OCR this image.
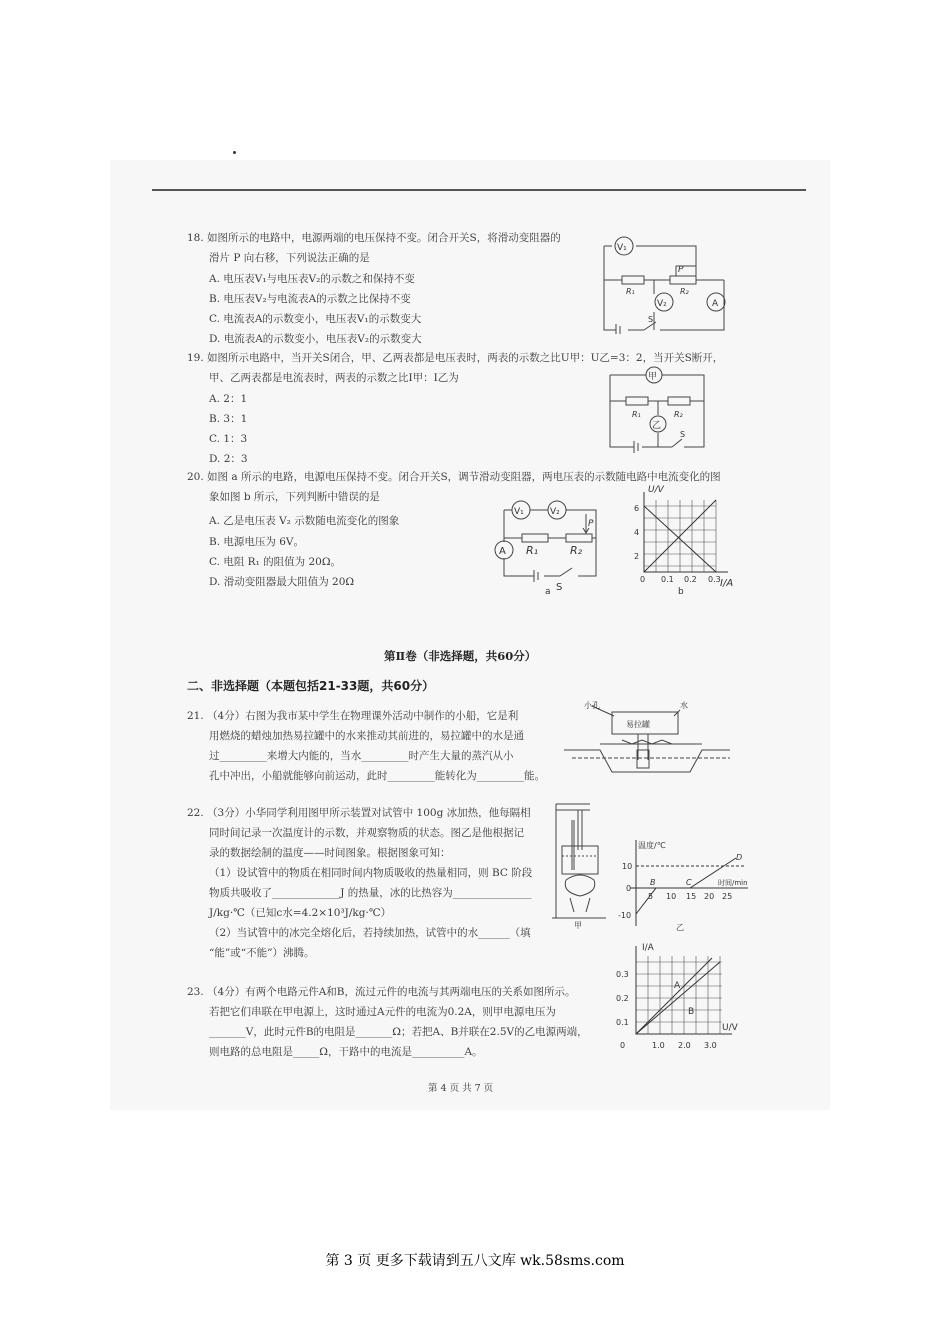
18. 如图所示的电路中，电源两端的电压保持不变。闭合开关S，将滑动变阻器的
滑片 P 向右移，下列说法正确的是
A. 电压表V₁与电压表V₂的示数之和保持不变
B. 电压表V₂与电流表A的示数之比保持不变
C. 电流表A的示数变小，电压表V₁的示数变大
D. 电流表A的示数变小，电压表V₂的示数变大
V₁
V₂	A
P
R₁	R₂
S
19. 如图所示电路中，当开关S闭合，甲、乙两表都是电压表时，两表的示数之比U甲：U乙=3：2，当开关S断开，
甲、乙两表都是电流表时，两表的示数之比I甲：I乙为
A. 2：1
B. 3：1
C. 1：3
D. 2：3
甲
乙
R₁	R₂
S
20. 如图 a 所示的电路，电源电压保持不变。闭合开关S，调节滑动变阻器，两电压表的示数随电路中电流变化的图
象如图 b 所示，下列判断中错误的是
A. 乙是电压表 V₂ 示数随电流变化的图象
B. 电源电压为 6V。
C. 电阻 R₁ 的阻值为 20Ω。
D. 滑动变阻器最大阻值为 20Ω
V₁	V₂
A
P
R₁	R₂
S
a
U/V
I/A
6
4
2
0 0.1 0.2 0.3
b
第Ⅱ卷（非选择题，共60分）
二、非选择题（本题包括21-33题，共60分）
21. （4分）右图为我市某中学生在物理课外活动中制作的小船，它是利
用燃烧的蜡烛加热易拉罐中的水来推动其前进的，易拉罐中的水是通
过_________来增大内能的，当水_________时产生大量的蒸汽从小
孔中冲出，小船就能够向前运动，此时_________能转化为_________能。
小孔
易拉罐
水
22. （3分）小华同学利用图甲所示装置对试管中 100g 冰加热，他每隔相
同时间记录一次温度计的示数，并观察物质的状态。图乙是他根据记
录的数据绘制的温度——时间图象。根据图象可知：
（1）设试管中的物质在相同时间内物质吸收的热量相同，则 BC 阶段
物质共吸收了_____________J 的热量，冰的比热容为_______________
J/kg·℃（已知c水=4.2×10³J/kg·℃）
（2）当试管中的冰完全熔化后，若持续加热，试管中的水______（填
“能”或“不能”）沸腾。
甲
温度/℃
时间/min
10
0
-10
5 10 15 20 25
B	C
D
乙
23. （4分）有两个电路元件A和B，流过元件的电流与其两端电压的关系如图所示。
若把它们串联在甲电源上，这时通过A元件的电流为0.2A，则甲电源电压为
_______V，此时元件B的电阻是_______Ω；若把A、B并联在2.5V的乙电源两端，
则电路的总电阻是_____Ω，干路中的电流是__________A。
I/A
U/V
0.3
0.2
0.1
0	1.0 2.0 3.0
A
B
第 4 页 共 7 页
第 3 页 更多下载请到五八文库 wk.58sms.com
